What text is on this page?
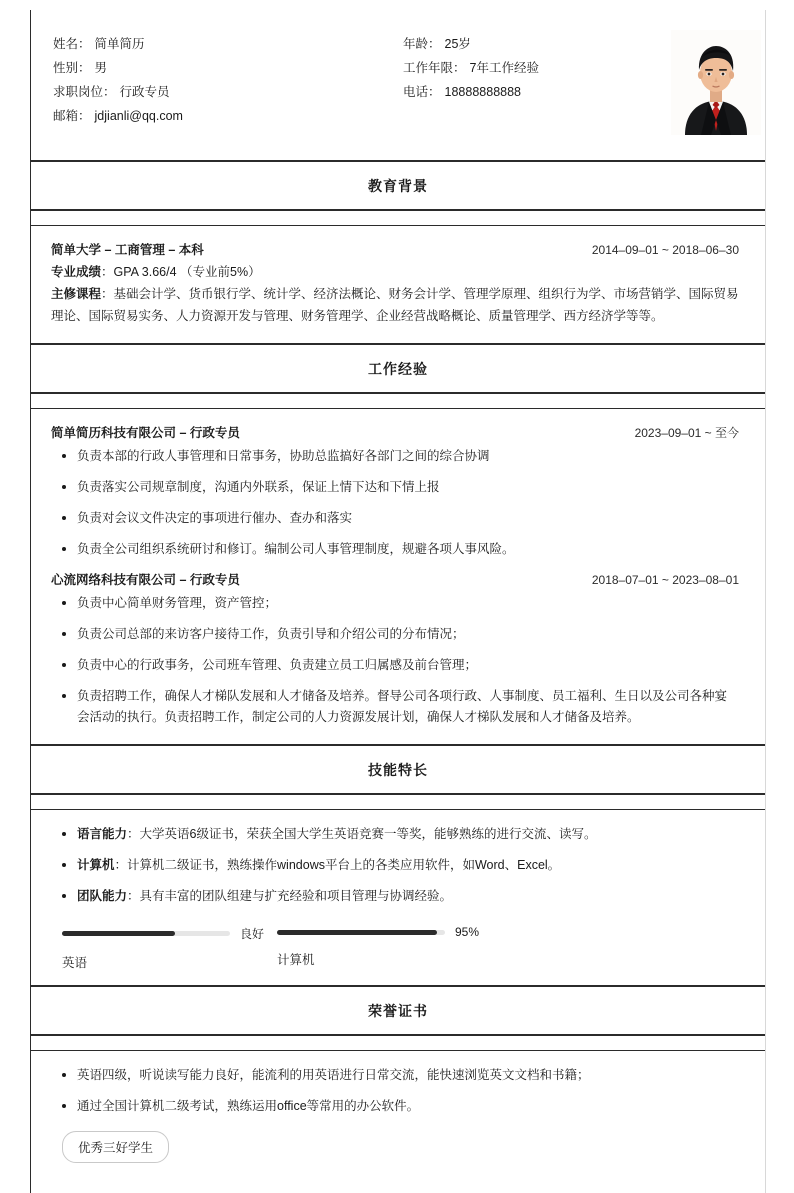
姓名 ： 简单简历
性别 ： 男
求职岗位 ： 行政专员
邮箱 ： jdjianli@qq.com
年龄 ： 25岁
工作年限 ： 7年工作经验
电话 ： 18888888888
教育背景
简单大学 – 工商管理 – 本科	2014–09–01 ~ 2018–06–30
专业成绩：GPA 3.66/4 （专业前5%）
主修课程：基础会计学、货币银行学、统计学、经济法概论、财务会计学、管理学原理、组织行为学、市场营销学、国际贸易理论、国际贸易实务、人力资源开发与管理、财务管理学、企业经营战略概论、质量管理学、西方经济学等等。
工作经验
简单简历科技有限公司 – 行政专员	2023–09–01 ~ 至今
负责本部的行政人事管理和日常事务，协助总监搞好各部门之间的综合协调
负责落实公司规章制度，沟通内外联系，保证上情下达和下情上报
负责对会议文件决定的事项进行催办、查办和落实
负责全公司组织系统研讨和修订。编制公司人事管理制度，规避各项人事风险。
心流网络科技有限公司 – 行政专员	2018–07–01 ~ 2023–08–01
负责中心简单财务管理，资产管控；
负责公司总部的来访客户接待工作，负责引导和介绍公司的分布情况；
负责中心的行政事务，公司班车管理、负责建立员工归属感及前台管理；
负责招聘工作，确保人才梯队发展和人才储备及培养。督导公司各项行政、人事制度、员工福利、生日以及公司各种宴会活动的执行。负责招聘工作，制定公司的人力资源发展计划，确保人才梯队发展和人才储备及培养。
技能特长
语言能力：大学英语6级证书，荣获全国大学生英语竞赛一等奖，能够熟练的进行交流、读写。
计算机：计算机二级证书，熟练操作windows平台上的各类应用软件，如Word、Excel。
团队能力：具有丰富的团队组建与扩充经验和项目管理与协调经验。
良好
英语
95%
计算机
荣誉证书
英语四级，听说读写能力良好，能流利的用英语进行日常交流，能快速浏览英文文档和书籍；
通过全国计算机二级考试，熟练运用office等常用的办公软件。
优秀三好学生
